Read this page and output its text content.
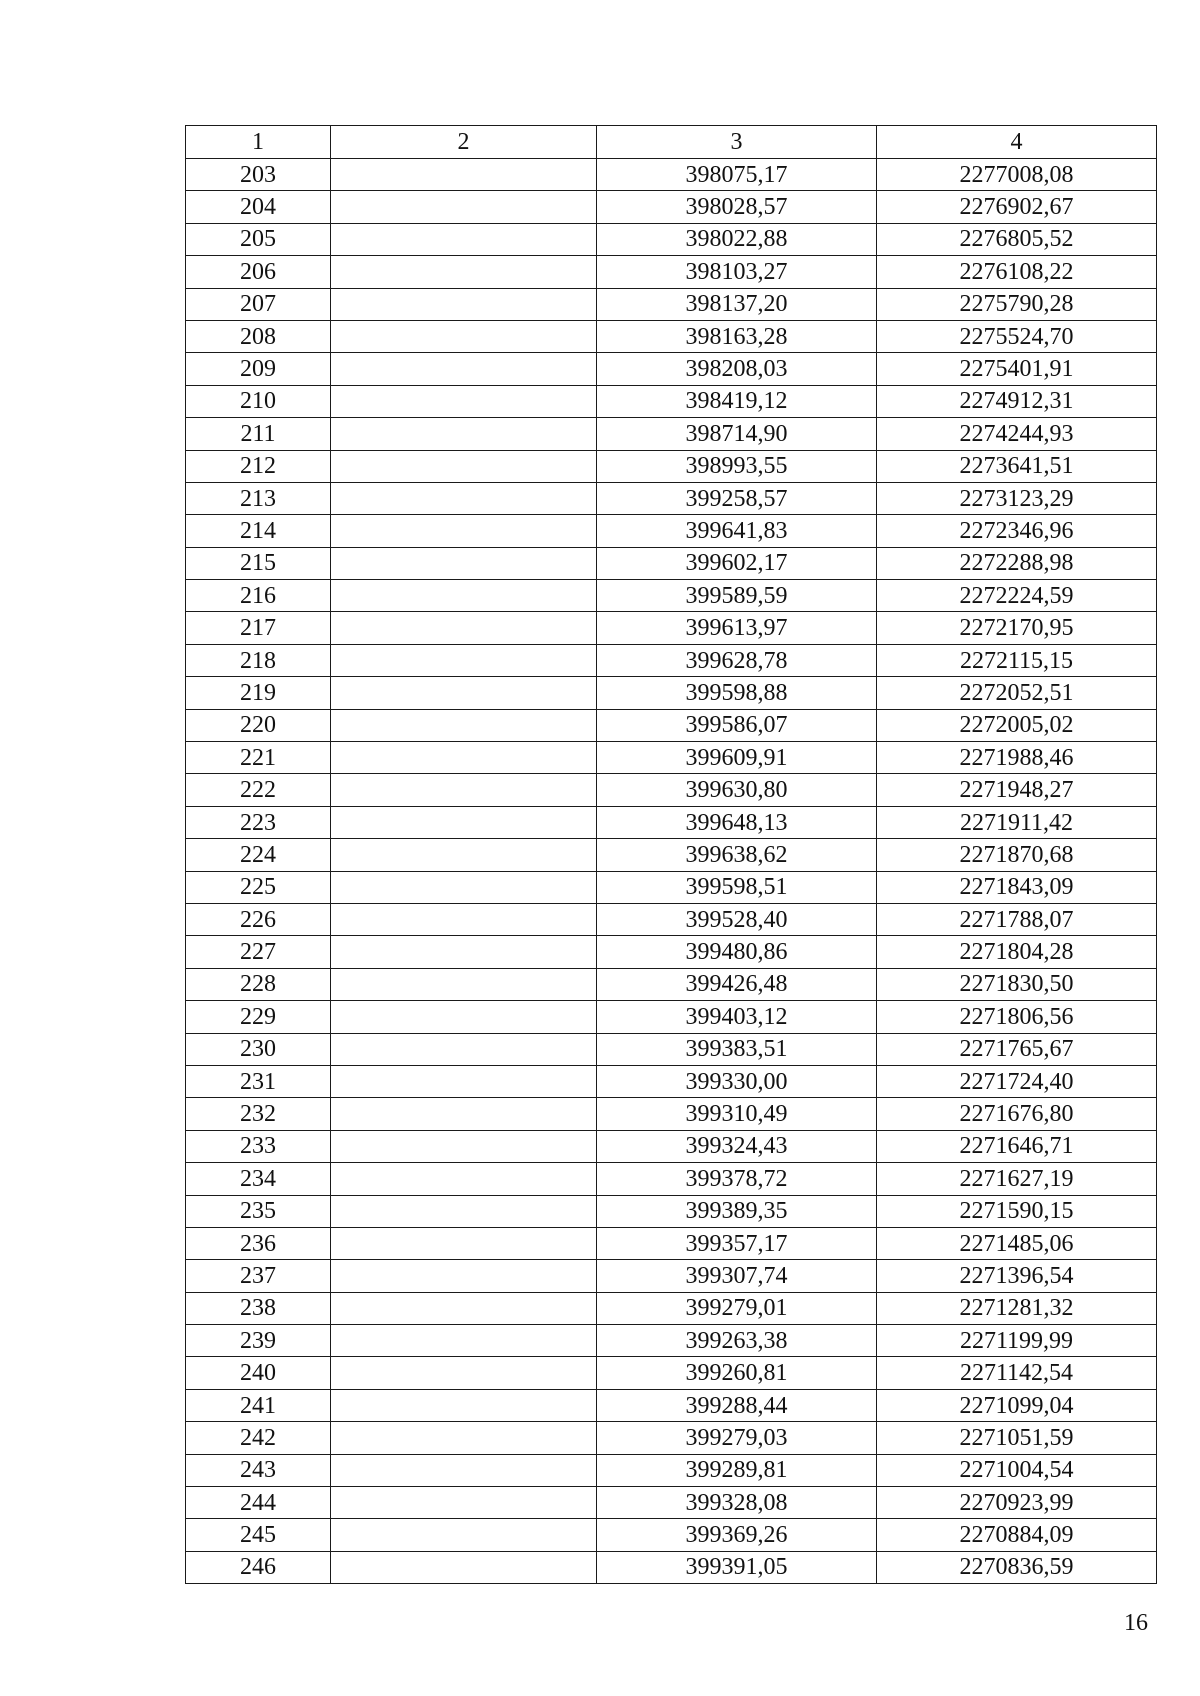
1	2	3	4
203		398075,17	2277008,08
204		398028,57	2276902,67
205		398022,88	2276805,52
206		398103,27	2276108,22
207		398137,20	2275790,28
208		398163,28	2275524,70
209		398208,03	2275401,91
210		398419,12	2274912,31
211		398714,90	2274244,93
212		398993,55	2273641,51
213		399258,57	2273123,29
214		399641,83	2272346,96
215		399602,17	2272288,98
216		399589,59	2272224,59
217		399613,97	2272170,95
218		399628,78	2272115,15
219		399598,88	2272052,51
220		399586,07	2272005,02
221		399609,91	2271988,46
222		399630,80	2271948,27
223		399648,13	2271911,42
224		399638,62	2271870,68
225		399598,51	2271843,09
226		399528,40	2271788,07
227		399480,86	2271804,28
228		399426,48	2271830,50
229		399403,12	2271806,56
230		399383,51	2271765,67
231		399330,00	2271724,40
232		399310,49	2271676,80
233		399324,43	2271646,71
234		399378,72	2271627,19
235		399389,35	2271590,15
236		399357,17	2271485,06
237		399307,74	2271396,54
238		399279,01	2271281,32
239		399263,38	2271199,99
240		399260,81	2271142,54
241		399288,44	2271099,04
242		399279,03	2271051,59
243		399289,81	2271004,54
244		399328,08	2270923,99
245		399369,26	2270884,09
246		399391,05	2270836,59
16
